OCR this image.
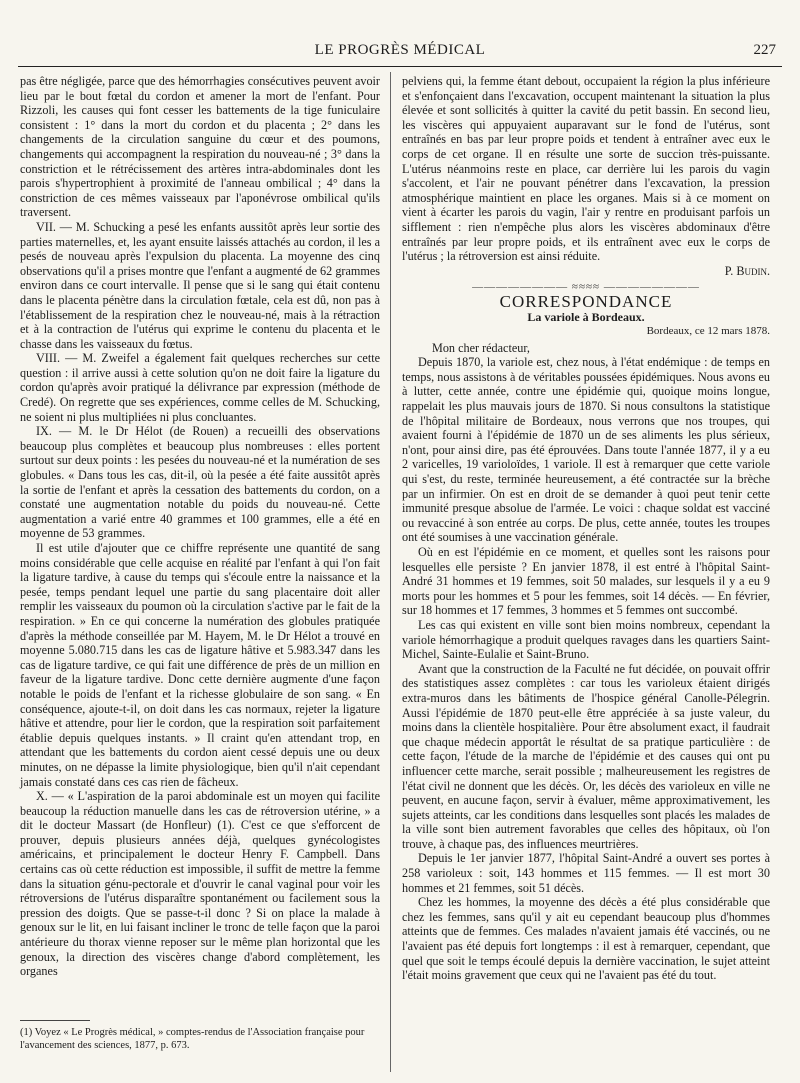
LE PROGRÈS MÉDICAL	227

pas être négligée, parce que des hémorrhagies consécutives peuvent avoir lieu par le bout fœtal du cordon et amener la mort de l'enfant. Pour Rizzoli, les causes qui font cesser les battements de la tige funiculaire consistent : 1° dans la mort du cordon et du placenta ; 2° dans les changements de la circulation sanguine du cœur et des poumons, changements qui accompagnent la respiration du nouveau-né ; 3° dans la constriction et le rétrécissement des artères intra-abdominales dont les parois s'hypertrophient à proximité de l'anneau ombilical ; 4° dans la constriction de ces mêmes vaisseaux par l'aponévrose ombilical qu'ils traversent.

VII. — M. Schucking a pesé les enfants aussitôt après leur sortie des parties maternelles, et, les ayant ensuite laissés attachés au cordon, il les a pesés de nouveau après l'expulsion du placenta. La moyenne des cinq observations qu'il a prises montre que l'enfant a augmenté de 62 grammes environ dans ce court intervalle. Il pense que si le sang qui était contenu dans le placenta pénètre dans la circulation fœtale, cela est dû, non pas à l'établissement de la respiration chez le nouveau-né, mais à la rétraction et à la contraction de l'utérus qui exprime le contenu du placenta et le chasse dans les vaisseaux du fœtus.

VIII. — M. Zweifel a également fait quelques recherches sur cette question : il arrive aussi à cette solution qu'on ne doit faire la ligature du cordon qu'après avoir pratiqué la délivrance par expression (méthode de Credé). On regrette que ses expériences, comme celles de M. Schucking, ne soient ni plus multipliées ni plus concluantes.

IX. — M. le Dr Hélot (de Rouen) a recueilli des observations beaucoup plus complètes et beaucoup plus nombreuses : elles portent surtout sur deux points : les pesées du nouveau-né et la numération de ses globules. « Dans tous les cas, dit-il, où la pesée a été faite aussitôt après la sortie de l'enfant et après la cessation des battements du cordon, on a constaté une augmentation notable du poids du nouveau-né. Cette augmentation a varié entre 40 grammes et 100 grammes, elle a été en moyenne de 53 grammes.

Il est utile d'ajouter que ce chiffre représente une quantité de sang moins considérable que celle acquise en réalité par l'enfant à qui l'on fait la ligature tardive, à cause du temps qui s'écoule entre la naissance et la pesée, temps pendant lequel une partie du sang placentaire doit aller remplir les vaisseaux du poumon où la circulation s'active par le fait de la respiration. » En ce qui concerne la numération des globules pratiquée d'après la méthode conseillée par M. Hayem, M. le Dr Hélot a trouvé en moyenne 5.080.715 dans les cas de ligature hâtive et 5.983.347 dans les cas de ligature tardive, ce qui fait une différence de près de un million en faveur de la ligature tardive. Donc cette dernière augmente d'une façon notable le poids de l'enfant et la richesse globulaire de son sang. « En conséquence, ajoute-t-il, on doit dans les cas normaux, rejeter la ligature hâtive et attendre, pour lier le cordon, que la respiration soit parfaitement établie depuis quelques instants. » Il craint qu'en attendant trop, en attendant que les battements du cordon aient cessé depuis une ou deux minutes, on ne dépasse la limite physiologique, bien qu'il n'ait cependant jamais constaté dans ces cas rien de fâcheux.

X. — « L'aspiration de la paroi abdominale est un moyen qui facilite beaucoup la réduction manuelle dans les cas de rétroversion utérine, » a dit le docteur Massart (de Honfleur) (1). C'est ce que s'efforcent de prouver, depuis plusieurs années déjà, quelques gynécologistes américains, et principalement le docteur Henry F. Campbell. Dans certains cas où cette réduction est impossible, il suffit de mettre la femme dans la situation génu-pectorale et d'ouvrir le canal vaginal pour voir les rétroversions de l'utérus disparaître spontanément ou facilement sous la pression des doigts. Que se passe-t-il donc ? Si on place la malade à genoux sur le lit, en lui faisant incliner le tronc de telle façon que la paroi antérieure du thorax vienne reposer sur le même plan horizontal que les genoux, la direction des viscères change d'abord complètement, les organes

(1) Voyez « Le Progrès médical, » comptes-rendus de l'Association française pour l'avancement des sciences, 1877, p. 673.

pelviens qui, la femme étant debout, occupaient la région la plus inférieure et s'enfonçaient dans l'excavation, occupent maintenant la situation la plus élevée et sont sollicités à quitter la cavité du petit bassin. En second lieu, les viscères qui appuyaient auparavant sur le fond de l'utérus, sont entraînés en bas par leur propre poids et tendent à entraîner avec eux le corps de cet organe. Il en résulte une sorte de succion très-puissante. L'utérus néanmoins reste en place, car derrière lui les parois du vagin s'accolent, et l'air ne pouvant pénétrer dans l'excavation, la pression atmosphérique maintient en place les organes. Mais si à ce moment on vient à écarter les parois du vagin, l'air y rentre en produisant parfois un sifflement : rien n'empêche plus alors les viscères abdominaux d'être entraînés par leur propre poids, et ils entraînent avec eux le corps de l'utérus ; la rétroversion est ainsi réduite.

P. Budin.

———————— ≈≈≈≈ ————————

CORRESPONDANCE

La variole à Bordeaux.

Bordeaux, ce 12 mars 1878.

Mon cher rédacteur,

Depuis 1870, la variole est, chez nous, à l'état endémique : de temps en temps, nous assistons à de véritables poussées épidémiques. Nous avons eu à lutter, cette année, contre une épidémie qui, quoique moins longue, rappelait les plus mauvais jours de 1870. Si nous consultons la statistique de l'hôpital militaire de Bordeaux, nous verrons que nos troupes, qui avaient fourni à l'épidémie de 1870 un de ses aliments les plus sérieux, n'ont, pour ainsi dire, pas été éprouvées. Dans toute l'année 1877, il y a eu 2 varicelles, 19 varioloïdes, 1 variole. Il est à remarquer que cette variole qui s'est, du reste, terminée heureusement, a été contractée sur la brèche par un infirmier. On est en droit de se demander à quoi peut tenir cette immunité presque absolue de l'armée. Le voici : chaque soldat est vacciné ou revacciné à son entrée au corps. De plus, cette année, toutes les troupes ont été soumises à une vaccination générale.

Où en est l'épidémie en ce moment, et quelles sont les raisons pour lesquelles elle persiste ? En janvier 1878, il est entré à l'hôpital Saint-André 31 hommes et 19 femmes, soit 50 malades, sur lesquels il y a eu 9 morts pour les hommes et 5 pour les femmes, soit 14 décès. — En février, sur 18 hommes et 17 femmes, 3 hommes et 5 femmes ont succombé.

Les cas qui existent en ville sont bien moins nombreux, cependant la variole hémorrhagique a produit quelques ravages dans les quartiers Saint-Michel, Sainte-Eulalie et Saint-Bruno.

Avant que la construction de la Faculté ne fut décidée, on pouvait offrir des statistiques assez complètes : car tous les varioleux étaient dirigés extra-muros dans les bâtiments de l'hospice général Canolle-Pélegrin. Aussi l'épidémie de 1870 peut-elle être appréciée à sa juste valeur, du moins dans la clientèle hospitalière. Pour être absolument exact, il faudrait que chaque médecin apportât le résultat de sa pratique particulière : de cette façon, l'étude de la marche de l'épidémie et des causes qui ont pu influencer cette marche, serait possible ; malheureusement les registres de l'état civil ne donnent que les décès. Or, les décès des varioleux en ville ne peuvent, en aucune façon, servir à évaluer, même approximativement, les sujets atteints, car les conditions dans lesquelles sont placés les malades de la ville sont bien autrement favorables que celles des hôpitaux, où l'on trouve, à chaque pas, des influences meurtrières.

Depuis le 1er janvier 1877, l'hôpital Saint-André a ouvert ses portes à 258 varioleux : soit, 143 hommes et 115 femmes. — Il est mort 30 hommes et 21 femmes, soit 51 décès.

Chez les hommes, la moyenne des décès a été plus considérable que chez les femmes, sans qu'il y ait eu cependant beaucoup plus d'hommes atteints que de femmes. Ces malades n'avaient jamais été vaccinés, ou ne l'avaient pas été depuis fort longtemps : il est à remarquer, cependant, que quel que soit le temps écoulé depuis la dernière vaccination, le sujet atteint l'était moins gravement que ceux qui ne l'avaient pas été du tout.
